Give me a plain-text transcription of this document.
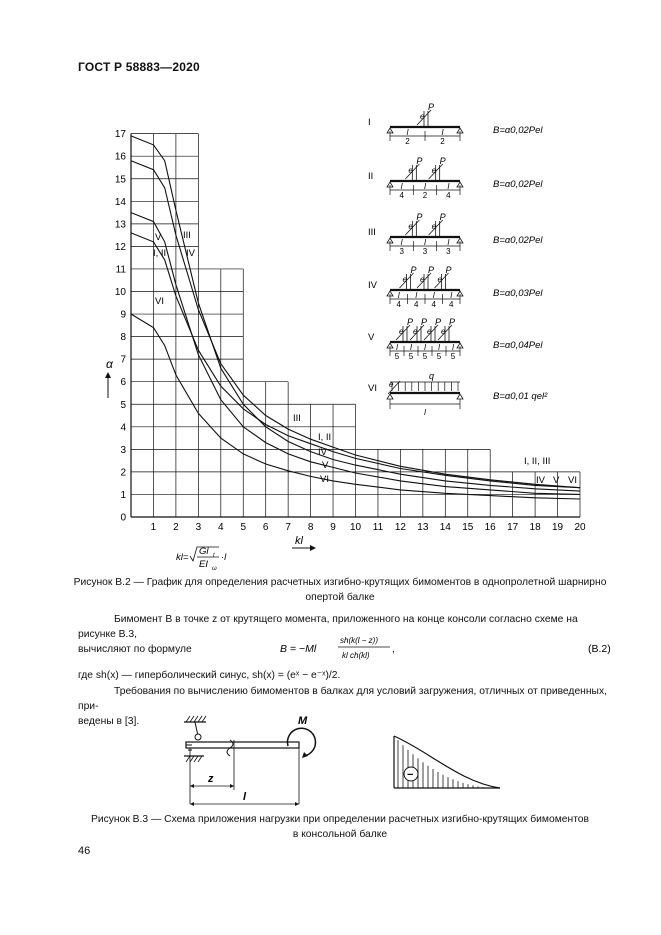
ГОСТ Р 58883—2020
0
1
2
3
4
5
6
7
8
9
10
11
12
13
14
15
16
17
1 2 3 4 5 6 7 8 9 10 11 12 13 14 15 16 17 18 19 20
α
kl
kl=
Gl t
EI ω
·l
I, II
V III
IV
VI
III
I, II
IV
V
VI
I, II, III
IV V VI
I
l
2
l
2
e
P
B=α0,02Pel
II
l
4
l
2
l
4
e
P
e
P
B=α0,02Pel
III
l
3
l
3
l
3
e
P
e
P
B=α0,02Pel
IV
l
4
l
4
l
4
l
4
e
P
e
P
e
P
B=α0,03Pel
V
l
5
l
5
l
5
l
5
l
5
e
P
e
P
e
P
e
P
B=α0,04Pel
VI
l
e
q
B=α0,01 qel²
Рисунок В.2 — График для определения расчетных изгибно-крутящих бимоментов в однопролетной шарнирно
опертой балке
Бимомент В в точке z от крутящего момента, приложенного на конце консоли согласно схеме на рисунке В.3,
вычисляют по формуле	B = −Ml
sh(k(l − z))
kl ch(kl)
,	(В.2)
где sh(x) — гиперболический синус, sh(x) = (eˣ − e⁻ˣ)/2.
Требования по вычислению бимоментов в балках для условий загружения, отличных от приведенных, при-
ведены в [3].	M
z
l
−
Рисунок В.3 — Схема приложения нагрузки при определении расчетных изгибно-крутящих бимоментов
в консольной балке
46
